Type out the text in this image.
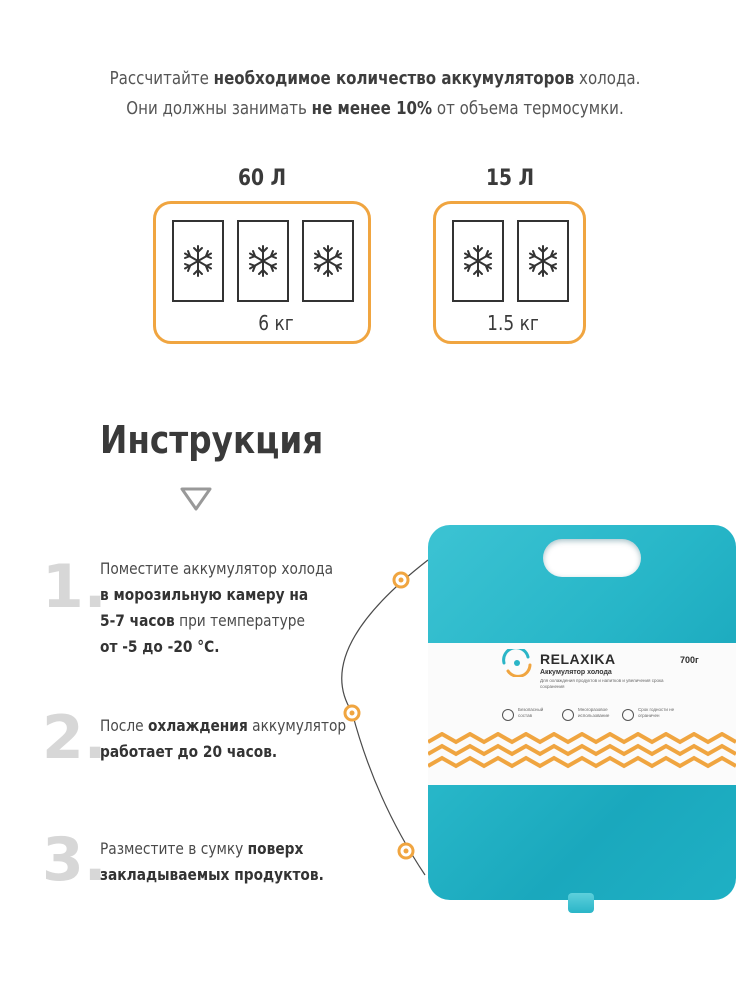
Рассчитайте необходимое количество аккумуляторов холода.
Они должны занимать не менее 10% от объема термосумки.
60 Л
6 кг
15 Л
1.5 кг
Инструкция
1.
Поместите аккумулятор холода
в морозильную камеру на
5-7 часов при температуре
от -5 до -20 °С.
2.
После охлаждения аккумулятор
работает до 20 часов.
3.
Разместите в сумку поверх
закладываемых продуктов.
RELAXIKA	700г
Аккумулятор холода
Для охлаждения продуктов и напитков и увеличения срока сохранения
Безопасный состав
Многоразовое использование
Срок годности не ограничен
